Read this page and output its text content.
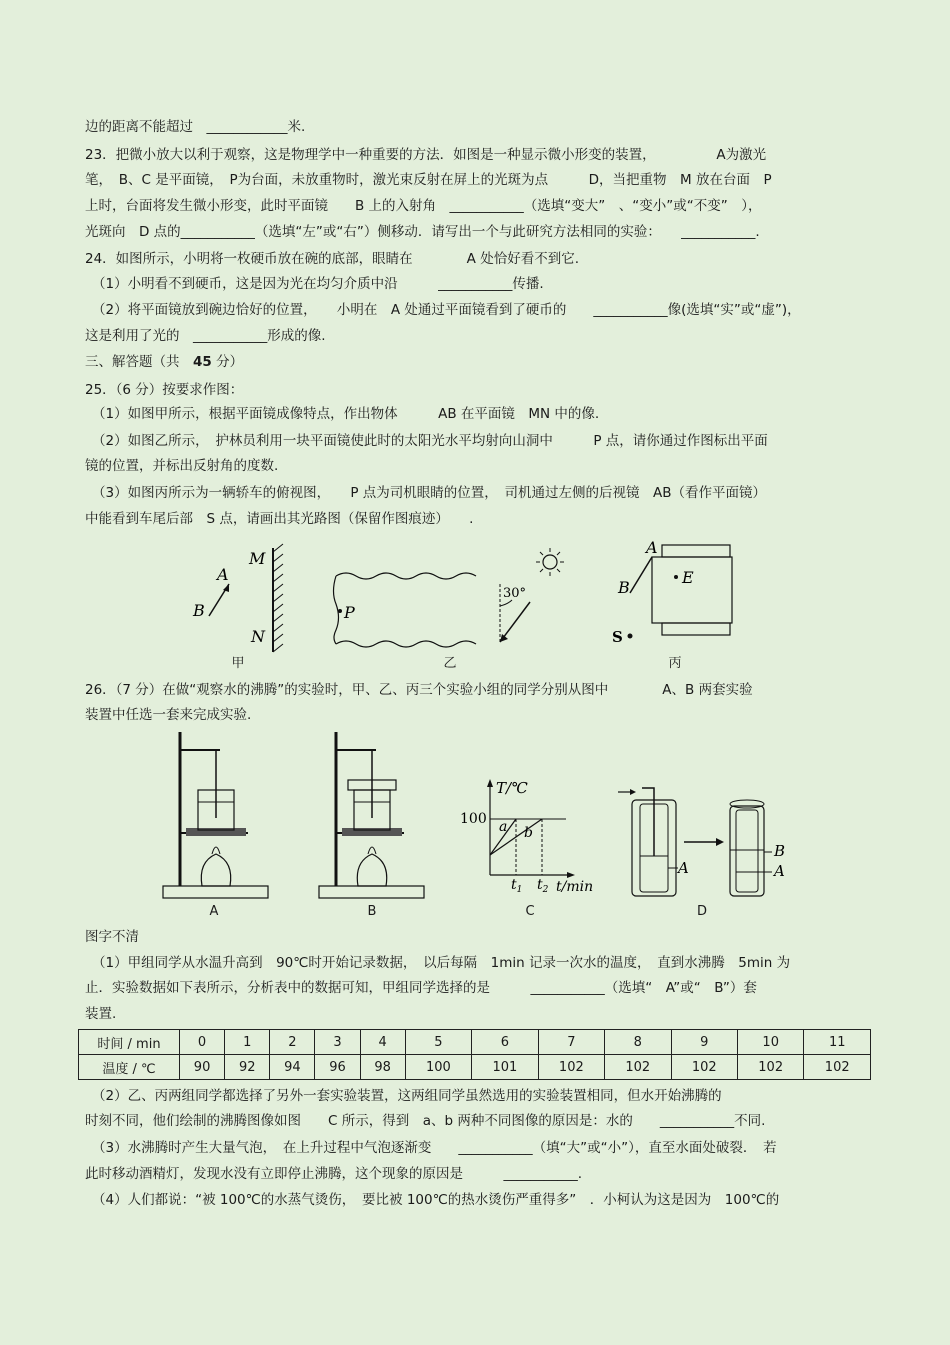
边的距离不能超过　____________米.
23．把微小放大以利于观察，这是物理学中一种重要的方法．如图是一种显示微小形变的装置，　　　　　A为激光
笔，　B、C 是平面镜，　P为台面，未放重物时，激光束反射在屏上的光斑为点　　　D，当把重物　M 放在台面　P
上时，台面将发生微小形变，此时平面镜　　B 上的入射角　___________（选填“变大”　、“变小”或“不变”　），
光斑向　D 点的___________（选填“左”或“右”）侧移动．请写出一个与此研究方法相同的实验：　　___________.
24．如图所示，小明将一枚硬币放在碗的底部，眼睛在　　　　A 处恰好看不到它.
（1）小明看不到硬币，这是因为光在均匀介质中沿　　　___________传播.
（2）将平面镜放到碗边恰好的位置，　　小明在　A 处通过平面镜看到了硬币的　　___________像(选填“实”或“虚”)，
这是利用了光的　___________形成的像.
三、解答题（共　45 分）
25．（6 分）按要求作图：
（1）如图甲所示，根据平面镜成像特点，作出物体　　　AB 在平面镜　MN 中的像.
（2）如图乙所示，　护林员利用一块平面镜使此时的太阳光水平均射向山洞中　　　P 点，请你通过作图标出平面
镜的位置，并标出反射角的度数.
（3）如图丙所示为一辆轿车的俯视图，　　P 点为司机眼睛的位置，　司机通过左侧的后视镜　AB（看作平面镜）
中能看到车尾后部　S 点，请画出其光路图（保留作图痕迹）　　.
M
N
A
B
甲
P
30°
乙
A
B
E
S
丙
26．（7 分）在做“观察水的沸腾”的实验时，甲、乙、丙三个实验小组的同学分别从图中　　　　A、B 两套实验
装置中任选一套来完成实验.
A	B
T/℃
100 a b
$t_1$ $t_2$ t/min
C
A
B
A
D
图字不清
（1）甲组同学从水温升高到　90℃时开始记录数据，　以后每隔　1min 记录一次水的温度，　直到水沸腾　5min 为
止．实验数据如下表所示，分析表中的数据可知，甲组同学选择的是　　　___________（选填“　A”或“　B”）套
装置.
时间 / min	0	1	2	3	4	5	6	7	8	9	10	11
温度 / ℃	90	92	94	96	98	100	101	102	102	102	102	102
（2）乙、丙两组同学都选择了另外一套实验装置，这两组同学虽然选用的实验装置相同，但水开始沸腾的
时刻不同，他们绘制的沸腾图像如图　　C 所示，得到　a、b 两种不同图像的原因是：水的　　___________不同.
（3）水沸腾时产生大量气泡，　在上升过程中气泡逐渐变　　___________（填“大”或“小”），直至水面处破裂．　若
此时移动酒精灯，发现水没有立即停止沸腾，这个现象的原因是　　　___________.
（4）人们都说：“被 100℃的水蒸气烫伤，　要比被 100℃的热水烫伤严重得多”　．小柯认为这是因为　100℃的
